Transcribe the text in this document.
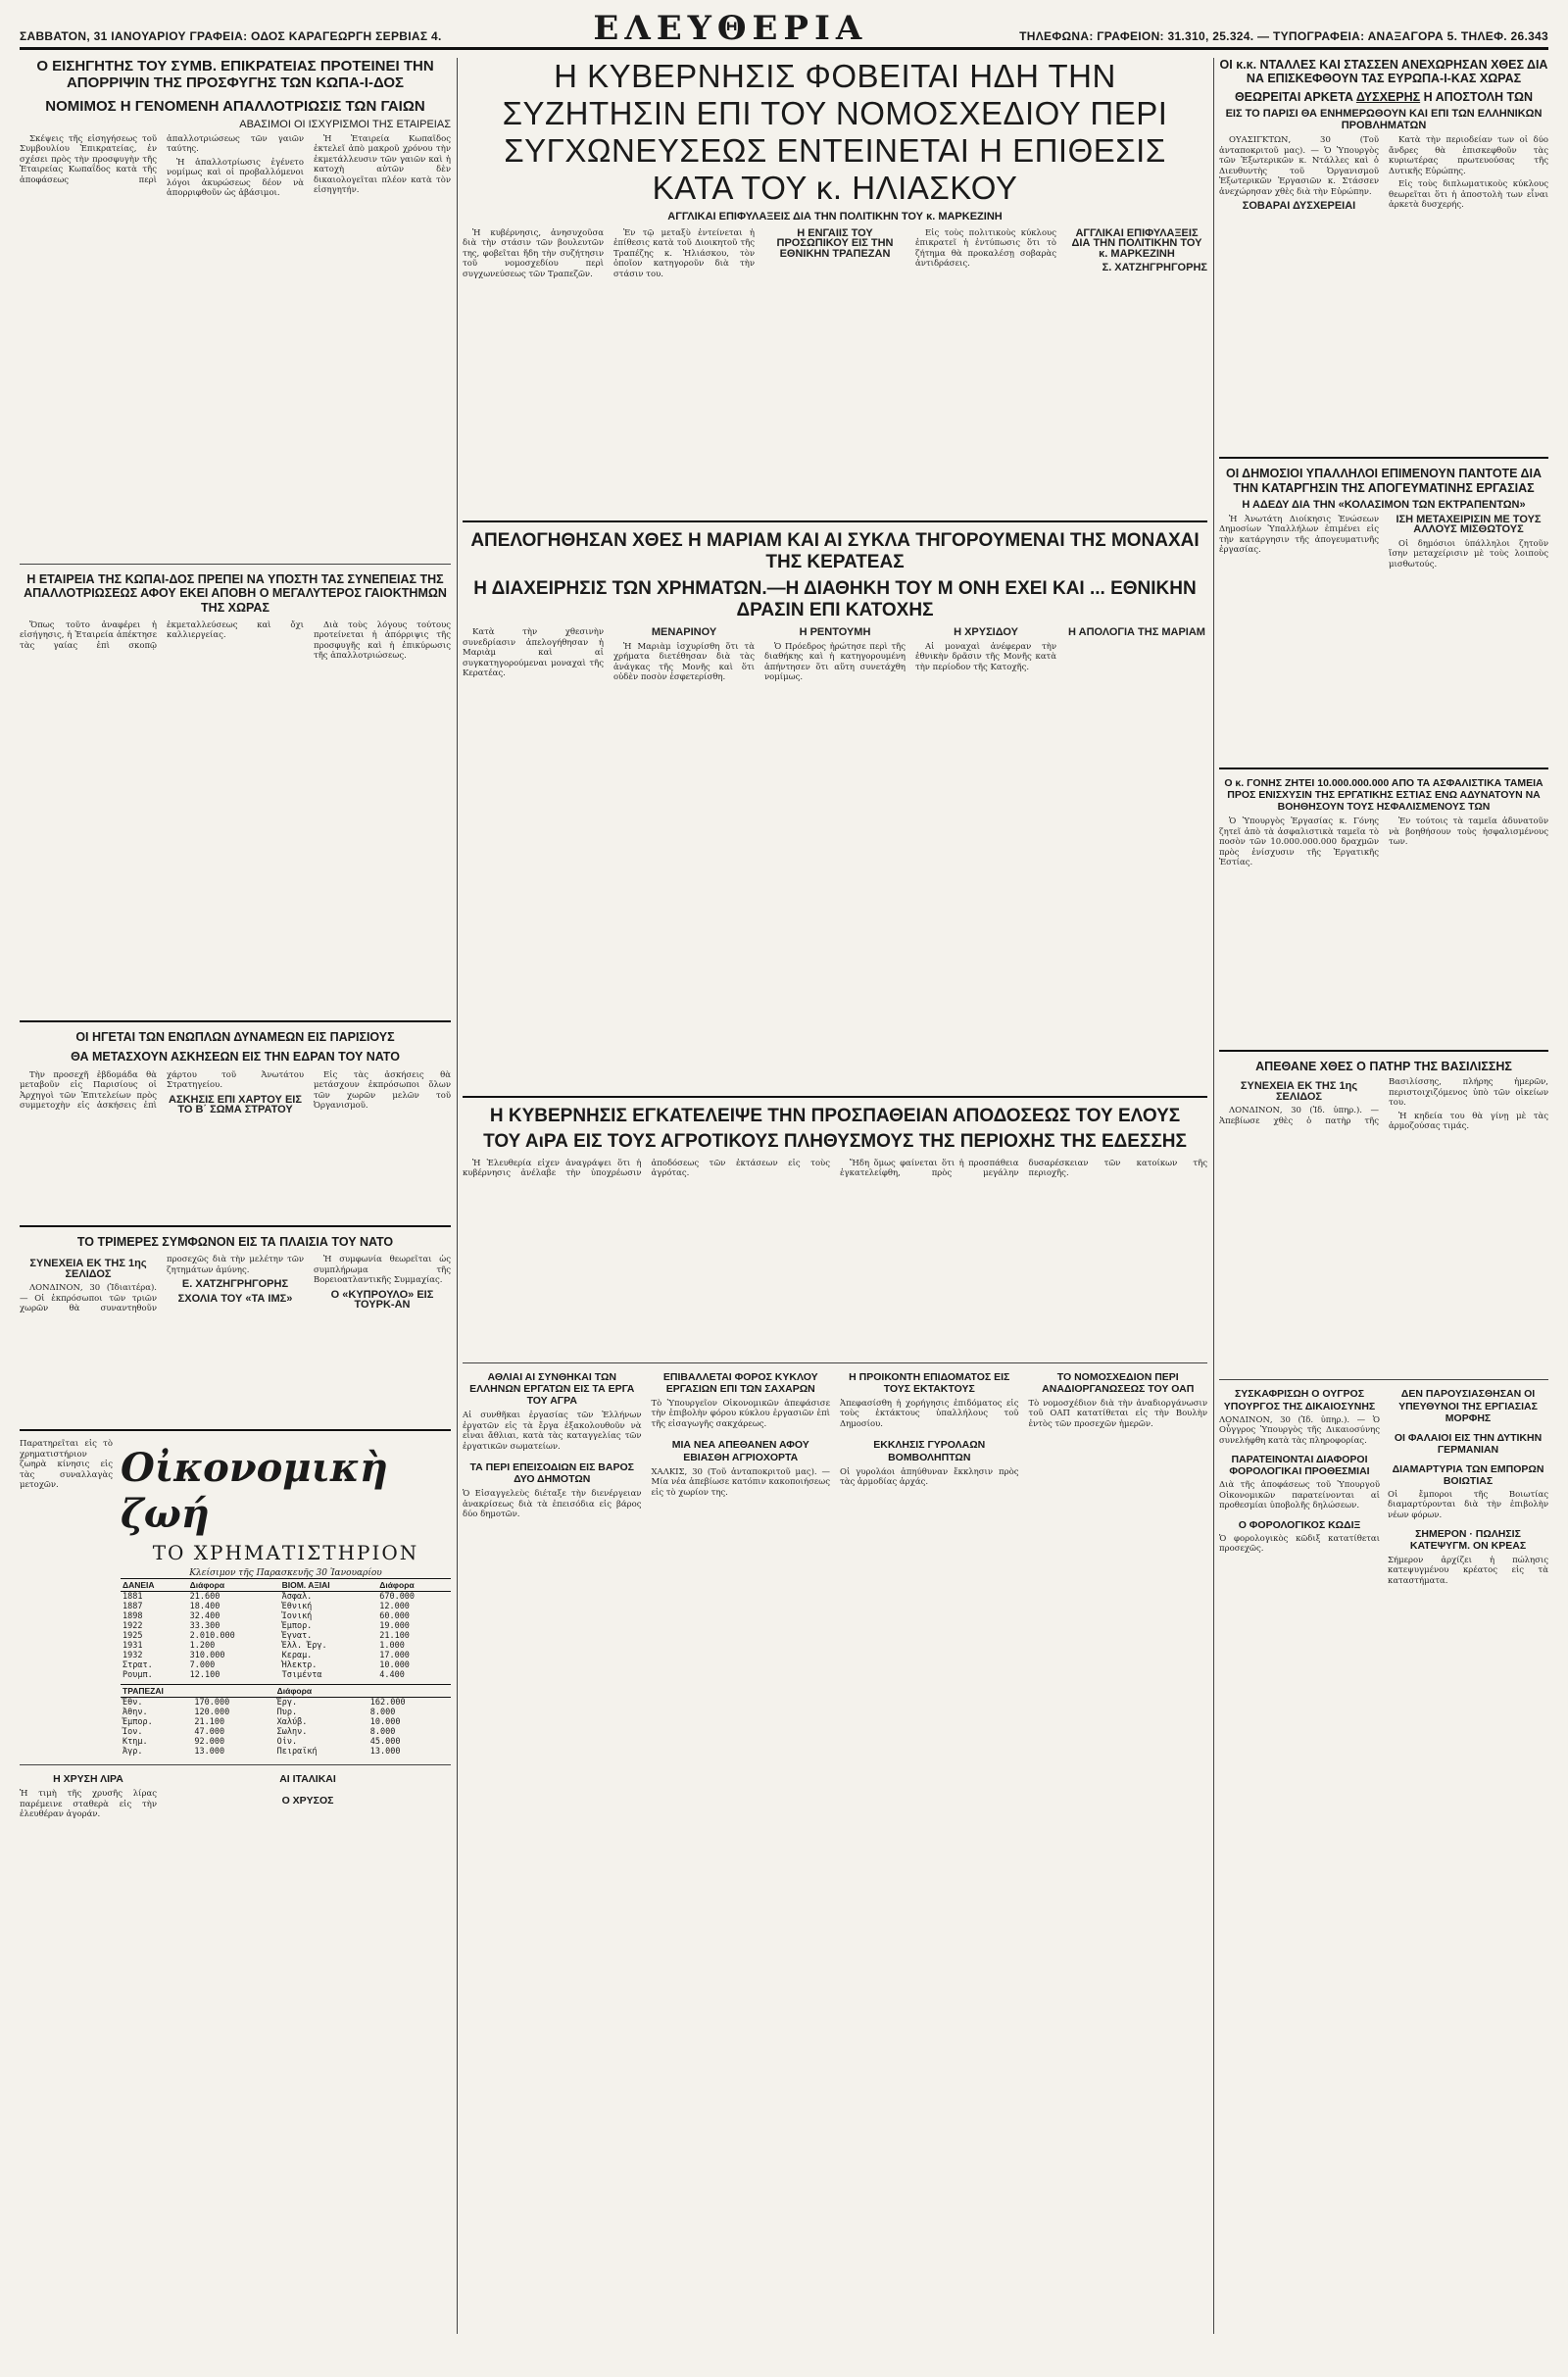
ΣΑΒΒΑΤΟΝ, 31 ΙΑΝΟΥΑΡΙΟΥ ΓΡΑΦΕΙΑ: ΟΔΟΣ ΚΑΡΑΓΕΩΡΓΗ ΣΕΡΒΙΑΣ 4.	ΕΛΕΥΘΕΡΙΑ	ΤΗΛΕΦΩΝΑ: ΓΡΑΦΕΙΟΝ: 31.310, 25.324. — ΤΥΠΟΓΡΑΦΕΙΑ: ΑΝΑΞΑΓΟΡΑ 5. ΤΗΛΕΦ. 26.343
Ο ΕΙΣΗΓΗΤΗΣ ΤΟΥ ΣΥΜΒ. ΕΠΙΚΡΑΤΕΙΑΣ ΠΡΟΤΕΙΝΕΙ ΤΗΝ ΑΠΟΡΡΙΨΙΝ ΤΗΣ ΠΡΟΣΦΥΓΗΣ ΤΩΝ ΚΩΠΑ-Ι-ΔΟΣ
ΝΟΜΙΜΟΣ Η ΓΕΝΟΜΕΝΗ ΑΠΑΛΛΟΤΡΙΩΣΙΣ ΤΩΝ ΓΑΙΩΝ
ΑΒΑΣΙΜΟΙ ΟΙ ΙΣΧΥΡΙΣΜΟΙ ΤΗΣ ΕΤΑΙΡΕΙΑΣ

Σκέψεις τῆς εἰσηγήσεως τοῦ Συμβουλίου Ἐπικρατείας, ἐν σχέσει πρὸς τὴν προσφυγὴν τῆς Ἑταιρείας Κωπαΐδος κατὰ τῆς ἀποφάσεως περὶ ἀπαλλοτριώσεως τῶν γαιῶν ταύτης.

Ἡ ἀπαλλοτρίωσις ἐγένετο νομίμως καὶ οἱ προβαλλόμενοι λόγοι ἀκυρώσεως δέον νὰ ἀπορριφθοῦν ὡς ἀβάσιμοι.

Ἡ Ἑταιρεία Κωπαΐδος ἐκτελεῖ ἀπὸ μακροῦ χρόνου τὴν ἐκμετάλλευσιν τῶν γαιῶν καὶ ἡ κατοχὴ αὐτῶν δὲν δικαιολογεῖται πλέον κατὰ τὸν εἰσηγητήν.

Η ΕΤΑΙΡΕΙΑ ΤΗΣ ΚΩΠΑΙ-ΔΟΣ ΠΡΕΠΕΙ ΝΑ ΥΠΟΣΤΗ ΤΑΣ ΣΥΝΕΠΕΙΑΣ ΤΗΣ ΑΠΑΛΛΟΤΡΙΩΣΕΩΣ ΑΦΟΥ ΕΚΕΙ ΑΠΟΒΗ Ο ΜΕΓΑΛΥΤΕΡΟΣ ΓΑΙΟΚΤΗΜΩΝ ΤΗΣ ΧΩΡΑΣ

Ὅπως τοῦτο ἀναφέρει ἡ εἰσήγησις, ἡ Ἑταιρεία ἀπέκτησε τὰς γαίας ἐπὶ σκοπῷ ἐκμεταλλεύσεως καὶ ὄχι καλλιεργείας.

Διὰ τοὺς λόγους τούτους προτείνεται ἡ ἀπόρριψις τῆς προσφυγῆς καὶ ἡ ἐπικύρωσις τῆς ἀπαλλοτριώσεως.

ΟΙ ΗΓΕΤΑΙ ΤΩΝ ΕΝΩΠΛΩΝ ΔΥΝΑΜΕΩΝ ΕΙΣ ΠΑΡΙΣΙΟΥΣ
ΘΑ ΜΕΤΑΣΧΟΥΝ ΑΣΚΗΣΕΩΝ ΕΙΣ ΤΗΝ ΕΔΡΑΝ ΤΟΥ ΝΑΤΟ

Τὴν προσεχῆ ἑβδομάδα θὰ μεταβοῦν εἰς Παρισίους οἱ Ἀρχηγοὶ τῶν Ἐπιτελείων πρὸς συμμετοχὴν εἰς ἀσκήσεις ἐπὶ χάρτου τοῦ Ἀνωτάτου Στρατηγείου.

ΑΣΚΗΣΙΣ ΕΠΙ ΧΑΡΤΟΥ ΕΙΣ ΤΟ Β΄ ΣΩΜΑ ΣΤΡΑΤΟΥ

Εἰς τὰς ἀσκήσεις θὰ μετάσχουν ἐκπρόσωποι ὅλων τῶν χωρῶν μελῶν τοῦ Ὀργανισμοῦ.

ΤΟ ΤΡΙΜΕΡΕΣ ΣΥΜΦΩΝΟΝ ΕΙΣ ΤΑ ΠΛΑΙΣΙΑ ΤΟΥ ΝΑΤΟ
ΣΥΝΕΧΕΙΑ ΕΚ ΤΗΣ 1ης ΣΕΛΙΔΟΣ

ΛΟΝΔΙΝΟΝ, 30 (Ἰδιαιτέρα). — Οἱ ἐκπρόσωποι τῶν τριῶν χωρῶν θὰ συναντηθοῦν προσεχῶς διὰ τὴν μελέτην τῶν ζητημάτων ἀμύνης.

Ε. ΧΑΤΖΗΓΡΗΓΟΡΗΣ
ΣΧΟΛΙΑ ΤΟΥ «ΤΑ ΙΜΣ»

Ἡ συμφωνία θεωρεῖται ὡς συμπλήρωμα τῆς Βορειοατλαντικῆς Συμμαχίας.

Ο «ΚΥΠΡΟΥΛΟ» ΕΙΣ ΤΟΥΡΚ-ΑΝ
Παρατηρεῖται εἰς τὸ χρηματιστήριον ζωηρὰ κίνησις εἰς τὰς συναλλαγὰς μετοχῶν.	Οἰκονομικὴ ζωή
ΤΟ ΧΡΗΜΑΤΙΣΤΗΡΙΟΝ
Κλείσιμον τῆς Παρασκευῆς 30 Ἰανουαρίου
ΔΑΝΕΙΑ	Διάφορα	ΒΙΟΜ. ΑΞΙΑΙ	Διάφορα
1881	21.600	Ἀσφαλ.	670.000
1887	18.400	Ἐθνική	12.000
1898	32.400	Ἰονική	60.000
1922	33.300	Ἐμπορ.	19.000
1925	2.010.000	Ἐγνατ.	21.100
1931	1.200	Ἐλλ. Ἐργ.	1.000
1932	310.000	Κεραμ.	17.000
Στρατ.	7.000	Ἠλεκτρ.	10.000
Ρουμπ.	12.100	Τσιμέντα	4.400
ΤΡΑΠΕΖΑΙ		Διάφορα	
Ἐθν.	170.000	Ἐργ.	162.000
Ἀθην.	120.000	Πυρ.	8.000
Ἐμπορ.	21.100	Χαλύβ.	10.000
Ἰον.	47.000	Σωλην.	8.000
Κτημ.	92.000	Οἰν.	45.000
Ἀγρ.	13.000	Πειραϊκή	13.000
Η ΧΡΥΣΗ ΛΙΡΑ
Ἡ τιμὴ τῆς χρυσῆς λίρας παρέμεινε σταθερὰ εἰς τὴν ἐλευθέραν ἀγοράν.
ΑΙ ΙΤΑΛΙΚΑΙ
Ο ΧΡΥΣΟΣ
Η ΚΥΒΕΡΝΗΣΙΣ ΦΟΒΕΙΤΑΙ ΗΔΗ ΤΗΝ ΣΥΖΗΤΗΣΙΝ ΕΠΙ ΤΟΥ ΝΟΜΟΣΧΕΔΙΟΥ ΠΕΡΙ ΣΥΓΧΩΝΕΥΣΕΩΣ ΕΝΤΕΙΝΕΤΑΙ Η ΕΠΙΘΕΣΙΣ ΚΑΤΑ ΤΟΥ κ. ΗΛΙΑΣΚΟΥ
ΑΓΓΛΙΚΑΙ ΕΠΙΦΥΛΑΞΕΙΣ ΔΙΑ ΤΗΝ ΠΟΛΙΤΙΚΗΝ ΤΟΥ κ. ΜΑΡΚΕΖΙΝΗ

Ἡ κυβέρνησις, ἀνησυχοῦσα διὰ τὴν στάσιν τῶν βουλευτῶν της, φοβεῖται ἤδη τὴν συζήτησιν τοῦ νομοσχεδίου περὶ συγχωνεύσεως τῶν Τραπεζῶν.

Ἐν τῷ μεταξὺ ἐντείνεται ἡ ἐπίθεσις κατὰ τοῦ Διοικητοῦ τῆς Τραπέζης κ. Ἠλιάσκου, τὸν ὁποῖον κατηγοροῦν διὰ τὴν στάσιν του.

Η ΕΝΓΑΙΙΣ ΤΟΥ ΠΡΟΣΩΠΙΚΟΥ ΕΙΣ ΤΗΝ ΕΘΝΙΚΗΝ ΤΡΑΠΕΖΑΝ

Εἰς τοὺς πολιτικοὺς κύκλους ἐπικρατεῖ ἡ ἐντύπωσις ὅτι τὸ ζήτημα θὰ προκαλέσῃ σοβαρὰς ἀντιδράσεις.

ΑΓΓΛΙΚΑΙ ΕΠΙΦΥΛΑΞΕΙΣ ΔΙΑ ΤΗΝ ΠΟΛΙΤΙΚΗΝ ΤΟΥ κ. ΜΑΡΚΕΖΙΝΗ
Σ. ΧΑΤΖΗΓΡΗΓΟΡΗΣ
ΑΠΕΛΟΓΗΘΗΣΑΝ ΧΘΕΣ Η ΜΑΡΙΑΜ ΚΑΙ ΑΙ ΣΥΚΛΑ ΤΗΓΟΡΟΥΜΕΝΑΙ ΤΗΣ ΜΟΝΑΧΑΙ ΤΗΣ ΚΕΡΑΤΕΑΣ
Η ΔΙΑΧΕΙΡΗΣΙΣ ΤΩΝ ΧΡΗΜΑΤΩΝ.—Η ΔΙΑΘΗΚΗ ΤΟΥ Μ ΟΝΗ ΕΧΕΙ ΚΑΙ ... ΕΘΝΙΚΗΝ ΔΡΑΣΙΝ ΕΠΙ ΚΑΤΟΧΗΣ

Κατὰ τὴν χθεσινὴν συνεδρίασιν ἀπελογήθησαν ἡ Μαριὰμ καὶ αἱ συγκατηγορούμεναι μοναχαὶ τῆς Κερατέας.

ΜΕΝΑΡΙΝΟΥ

Ἡ Μαριὰμ ἰσχυρίσθη ὅτι τὰ χρήματα διετέθησαν διὰ τὰς ἀνάγκας τῆς Μονῆς καὶ ὅτι οὐδὲν ποσὸν ἐσφετερίσθη.

Η ΡΕΝΤΟΥΜΗ

Ὁ Πρόεδρος ἠρώτησε περὶ τῆς διαθήκης καὶ ἡ κατηγορουμένη ἀπήντησεν ὅτι αὕτη συνετάχθη νομίμως.

Η ΧΡΥΣΙΔΟΥ

Αἱ μοναχαὶ ἀνέφεραν τὴν ἐθνικὴν δρᾶσιν τῆς Μονῆς κατὰ τὴν περίοδον τῆς Κατοχῆς.

Η ΑΠΟΛΟΓΙΑ ΤΗΣ ΜΑΡΙΑΜ
Η ΚΥΒΕΡΝΗΣΙΣ ΕΓΚΑΤΕΛΕΙΨΕ ΤΗΝ ΠΡΟΣΠΑΘΕΙΑΝ ΑΠΟΔΟΣΕΩΣ ΤΟΥ ΕΛΟΥΣ
ΤΟΥ ΑιΡΑ ΕΙΣ ΤΟΥΣ ΑΓΡΟΤΙΚΟΥΣ ΠΛΗΘΥΣΜΟΥΣ ΤΗΣ ΠΕΡΙΟΧΗΣ ΤΗΣ ΕΔΕΣΣΗΣ

Ἡ Ἐλευθερία εἶχεν ἀναγράψει ὅτι ἡ κυβέρνησις ἀνέλαβε τὴν ὑποχρέωσιν ἀποδόσεως τῶν ἐκτάσεων εἰς τοὺς ἀγρότας.

Ἤδη ὅμως φαίνεται ὅτι ἡ προσπάθεια ἐγκατελείφθη, πρὸς μεγάλην δυσαρέσκειαν τῶν κατοίκων τῆς περιοχῆς.

ΑΘΛΙΑΙ ΑΙ ΣΥΝΘΗΚΑΙ ΤΩΝ ΕΛΛΗΝΩΝ ΕΡΓΑΤΩΝ ΕΙΣ ΤΑ ΕΡΓΑ ΤΟΥ ΑΓΡΑ
Αἱ συνθῆκαι ἐργασίας τῶν Ἑλλήνων ἐργατῶν εἰς τὰ ἔργα ἐξακολουθοῦν νὰ εἶναι ἄθλιαι, κατὰ τὰς καταγγελίας τῶν ἐργατικῶν σωματείων.
ΤΑ ΠΕΡΙ ΕΠΕΙΣΟΔΙΩΝ ΕΙΣ ΒΑΡΟΣ ΔΥΟ ΔΗΜΟΤΩΝ
Ὁ Εἰσαγγελεὺς διέταξε τὴν διενέργειαν ἀνακρίσεως διὰ τὰ ἐπεισόδια εἰς βάρος δύο δημοτῶν.
ΕΠΙΒΑΛΛΕΤΑΙ ΦΟΡΟΣ ΚΥΚΛΟΥ ΕΡΓΑΣΙΩΝ ΕΠΙ ΤΩΝ ΣΑΧΑΡΩΝ
Τὸ Ὑπουργεῖον Οἰκονομικῶν ἀπεφάσισε τὴν ἐπιβολὴν φόρου κύκλου ἐργασιῶν ἐπὶ τῆς εἰσαγωγῆς σακχάρεως.
ΜΙΑ ΝΕΑ ΑΠΕΘΑΝΕΝ ΑΦΟΥ ΕΒΙΑΣΘΗ ΑΓΡΙΟΧΟΡΤΑ
ΧΑΛΚΙΣ, 30 (Τοῦ ἀνταποκριτοῦ μας). — Μία νέα ἀπεβίωσε κατόπιν κακοποιήσεως εἰς τὸ χωρίον της.
Η ΠΡΟΙΚΟΝΤΗ ΕΠΙΔΟΜΑΤΟΣ ΕΙΣ ΤΟΥΣ ΕΚΤΑΚΤΟΥΣ
Ἀπεφασίσθη ἡ χορήγησις ἐπιδόματος εἰς τοὺς ἐκτάκτους ὑπαλλήλους τοῦ Δημοσίου.
ΕΚΚΛΗΣΙΣ ΓΥΡΟΛΑΩΝ ΒΟΜΒΟΛΗΠΤΩΝ
Οἱ γυρολάοι ἀπηύθυναν ἔκκλησιν πρὸς τὰς ἀρμοδίας ἀρχάς.
ΤΟ ΝΟΜΟΣΧΕΔΙΟΝ ΠΕΡΙ ΑΝΑΔΙΟΡΓΑΝΩΣΕΩΣ ΤΟΥ ΟΑΠ
Τὸ νομοσχέδιον διὰ τὴν ἀναδιοργάνωσιν τοῦ ΟΑΠ κατατίθεται εἰς τὴν Βουλὴν ἐντὸς τῶν προσεχῶν ἡμερῶν.
ΟΙ κ.κ. ΝΤΑΛΛΕΣ ΚΑΙ ΣΤΑΣΣΕΝ ΑΝΕΧΩΡΗΣΑΝ ΧΘΕΣ ΔΙΑ ΝΑ ΕΠΙΣΚΕΦΘΟΥΝ ΤΑΣ ΕΥΡΩΠΑ-Ι-ΚΑΣ ΧΩΡΑΣ
ΘΕΩΡΕΙΤΑΙ ΑΡΚΕΤΑ ΔΥΣΧΕΡΗΣ Η ΑΠΟΣΤΟΛΗ ΤΩΝ
ΕΙΣ ΤΟ ΠΑΡΙΣΙ ΘΑ ΕΝΗΜΕΡΩΘΟΥΝ ΚΑΙ ΕΠΙ ΤΩΝ ΕΛΛΗΝΙΚΩΝ ΠΡΟΒΛΗΜΑΤΩΝ

ΟΥΑΣΙΓΚΤΩΝ, 30 (Τοῦ ἀνταποκριτοῦ μας). — Ὁ Ὑπουργὸς τῶν Ἐξωτερικῶν κ. Ντάλλες καὶ ὁ Διευθυντὴς τοῦ Ὀργανισμοῦ Ἐξωτερικῶν Ἐργασιῶν κ. Στάσσεν ἀνεχώρησαν χθὲς διὰ τὴν Εὐρώπην.

ΣΟΒΑΡΑΙ ΔΥΣΧΕΡΕΙΑΙ

Κατὰ τὴν περιοδείαν των οἱ δύο ἄνδρες θὰ ἐπισκεφθοῦν τὰς κυριωτέρας πρωτευούσας τῆς Δυτικῆς Εὐρώπης.

Εἰς τοὺς διπλωματικοὺς κύκλους θεωρεῖται ὅτι ἡ ἀποστολὴ των εἶναι ἀρκετὰ δυσχερής.

ΟΙ ΔΗΜΟΣΙΟΙ ΥΠΑΛΛΗΛΟΙ ΕΠΙΜΕΝΟΥΝ ΠΑΝΤΟΤΕ ΔΙΑ ΤΗΝ ΚΑΤΑΡΓΗΣΙΝ ΤΗΣ ΑΠΟΓΕΥΜΑΤΙΝΗΣ ΕΡΓΑΣΙΑΣ
Η ΑΔΕΔΥ ΔΙΑ ΤΗΝ «ΚΟΛΑΣΙΜΟΝ ΤΩΝ ΕΚΤΡΑΠΕΝΤΩΝ»

Ἡ Ἀνωτάτη Διοίκησις Ἑνώσεων Δημοσίων Ὑπαλλήλων ἐπιμένει εἰς τὴν κατάργησιν τῆς ἀπογευματινῆς ἐργασίας.

ΙΣΗ ΜΕΤΑΧΕΙΡΙΣΙΝ ΜΕ ΤΟΥΣ ΑΛΛΟΥΣ ΜΙΣΘΩΤΟΥΣ

Οἱ δημόσιοι ὑπάλληλοι ζητοῦν ἴσην μεταχείρισιν μὲ τοὺς λοιποὺς μισθωτούς.

Ο κ. ΓΟΝΗΣ ΖΗΤΕΙ 10.000.000.000 ΑΠΟ ΤΑ ΑΣΦΑΛΙΣΤΙΚΑ ΤΑΜΕΙΑ ΠΡΟΣ ΕΝΙΣΧΥΣΙΝ ΤΗΣ ΕΡΓΑΤΙΚΗΣ ΕΣΤΙΑΣ ΕΝΩ ΑΔΥΝΑΤΟΥΝ ΝΑ ΒΟΗΘΗΣΟΥΝ ΤΟΥΣ ΗΣΦΑΛΙΣΜΕΝΟΥΣ ΤΩΝ

Ὁ Ὑπουργὸς Ἐργασίας κ. Γόνης ζητεῖ ἀπὸ τὰ ἀσφαλιστικὰ ταμεῖα τὸ ποσὸν τῶν 10.000.000.000 δραχμῶν πρὸς ἐνίσχυσιν τῆς Ἐργατικῆς Ἑστίας.

Ἐν τούτοις τὰ ταμεῖα ἀδυνατοῦν νὰ βοηθήσουν τοὺς ἠσφαλισμένους των.

ΑΠΕΘΑΝΕ ΧΘΕΣ Ο ΠΑΤΗΡ ΤΗΣ ΒΑΣΙΛΙΣΣΗΣ
ΣΥΝΕΧΕΙΑ ΕΚ ΤΗΣ 1ης ΣΕΛΙΔΟΣ

ΛΟΝΔΙΝΟΝ, 30 (Ἰδ. ὑπηρ.). — Ἀπεβίωσε χθὲς ὁ πατὴρ τῆς Βασιλίσσης, πλήρης ἡμερῶν, περιστοιχιζόμενος ὑπὸ τῶν οἰκείων του.

Ἡ κηδεία του θὰ γίνῃ μὲ τὰς ἁρμοζούσας τιμάς.

ΣΥΣΚΑΦΡΙΣΩΗ Ο ΟΥΓΡΟΣ ΥΠΟΥΡΓΟΣ ΤΗΣ ΔΙΚΑΙΟΣΥΝΗΣ
ΛΟΝΔΙΝΟΝ, 30 (Ἰδ. ὑπηρ.). — Ὁ Οὖγγρος Ὑπουργὸς τῆς Δικαιοσύνης συνελήφθη κατὰ τὰς πληροφορίας.
ΠΑΡΑΤΕΙΝΟΝΤΑΙ ΔΙΑΦΟΡΟΙ ΦΟΡΟΛΟΓΙΚΑΙ ΠΡΟΘΕΣΜΙΑΙ
Διὰ τῆς ἀποφάσεως τοῦ Ὑπουργοῦ Οἰκονομικῶν παρατείνονται αἱ προθεσμίαι ὑποβολῆς δηλώσεων.
Ο ΦΟΡΟΛΟΓΙΚΟΣ ΚΩΔΙΞ
Ὁ φορολογικὸς κῶδιξ κατατίθεται προσεχῶς.
ΔΕΝ ΠΑΡΟΥΣΙΑΣΘΗΣΑΝ ΟΙ ΥΠΕΥΘΥΝΟΙ ΤΗΣ ΕΡΓΙΑΣΙΑΣ ΜΟΡΦΗΣ
ΟΙ ΦΑΛΑΙΟΙ ΕΙΣ ΤΗΝ ΔΥΤΙΚΗΝ ΓΕΡΜΑΝΙΑΝ
ΔΙΑΜΑΡΤΥΡΙΑ ΤΩΝ ΕΜΠΟΡΩΝ ΒΟΙΩΤΙΑΣ
Οἱ ἔμποροι τῆς Βοιωτίας διαμαρτύρονται διὰ τὴν ἐπιβολὴν νέων φόρων.
ΣΗΜΕΡΟΝ · ΠΩΛΗΣΙΣ ΚΑΤΕΨΥΓΜ. ΟΝ ΚΡΕΑΣ
Σήμερον ἀρχίζει ἡ πώλησις κατεψυγμένου κρέατος εἰς τὰ καταστήματα.
